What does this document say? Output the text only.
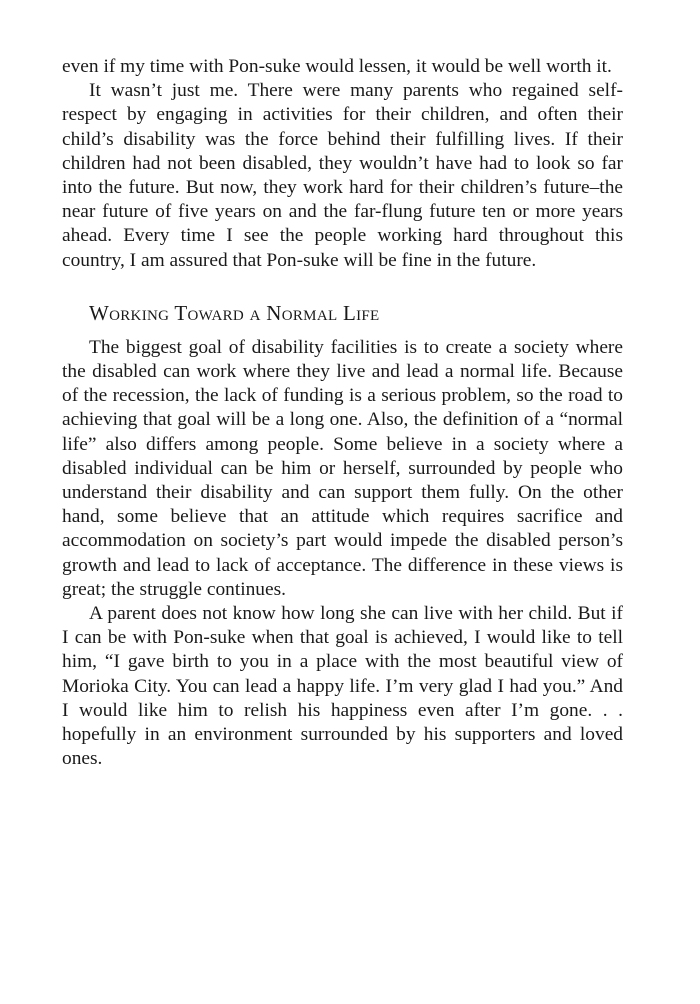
even if my time with Pon-suke would lessen, it would be well worth it.

It wasn’t just me. There were many parents who regained self-respect by engaging in activities for their children, and often their child’s disability was the force behind their fulfilling lives. If their children had not been disabled, they wouldn’t have had to look so far into the future. But now, they work hard for their children’s future–the near future of five years on and the far-flung future ten or more years ahead. Every time I see the people working hard throughout this country, I am assured that Pon-suke will be fine in the future.

Working Toward a Normal Life

The biggest goal of disability facilities is to create a society where the disabled can work where they live and lead a normal life. Because of the recession, the lack of funding is a serious problem, so the road to achieving that goal will be a long one. Also, the definition of a “normal life” also differs among people. Some believe in a society where a disabled individual can be him or herself, surrounded by people who understand their disability and can support them fully. On the other hand, some believe that an attitude which requires sacrifice and accommodation on society’s part would impede the disabled person’s growth and lead to lack of acceptance. The difference in these views is great; the struggle continues.

A parent does not know how long she can live with her child. But if I can be with Pon-suke when that goal is achieved, I would like to tell him, “I gave birth to you in a place with the most beautiful view of Morioka City. You can lead a happy life. I’m very glad I had you.” And I would like him to relish his happiness even after I’m gone. . . hopefully in an environment surrounded by his supporters and loved ones.
